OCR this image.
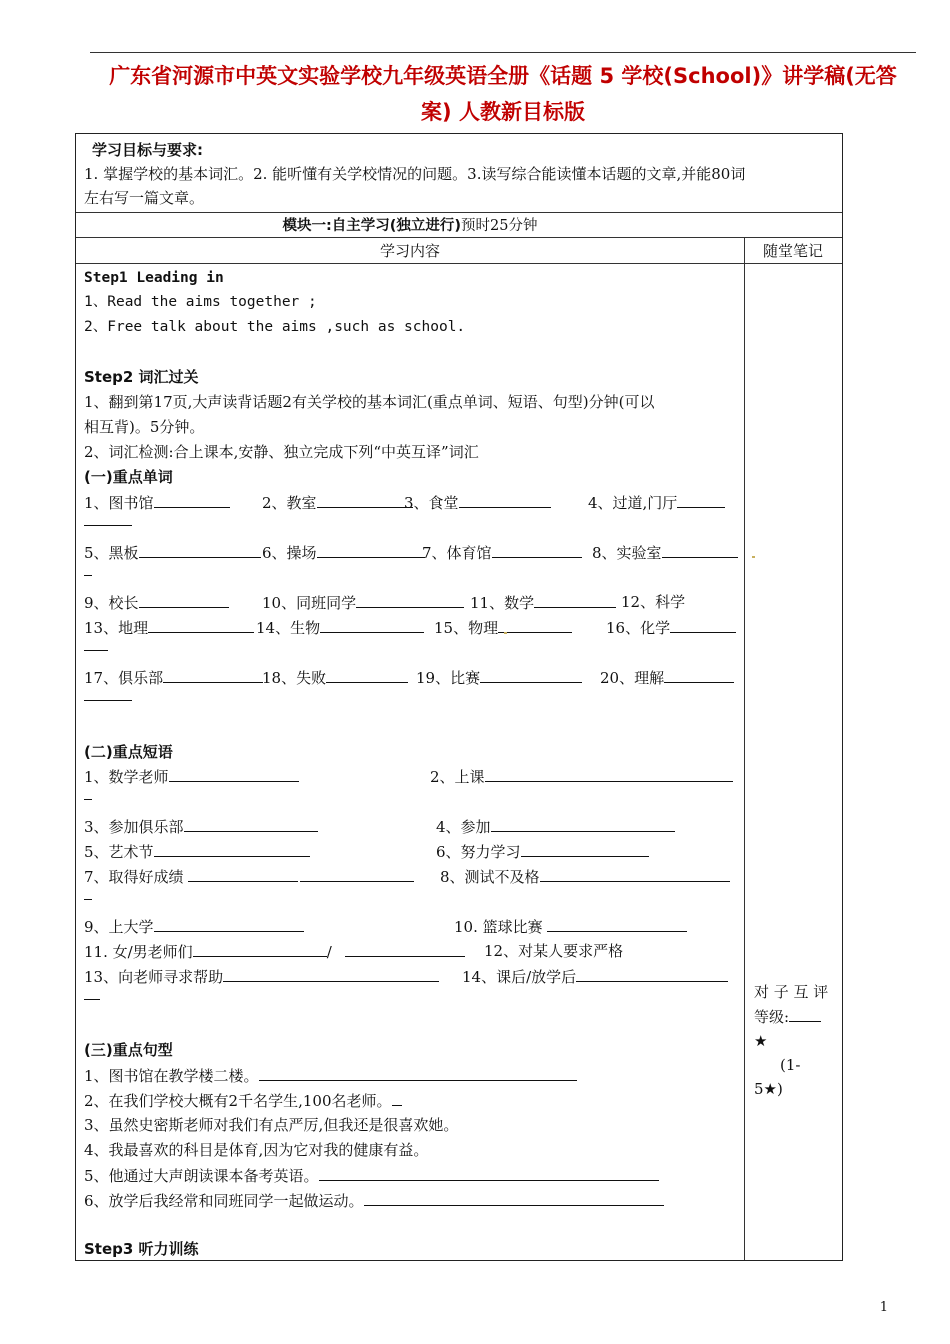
广东省河源市中英文实验学校九年级英语全册《话题 5 学校(School)》讲学稿(无答
案) 人教新目标版
学习目标与要求:
1. 掌握学校的基本词汇。2. 能听懂有关学校情况的问题。3.读写综合能读懂本话题的文章,并能80词
左右写一篇文章。
模块一:自主学习(独立进行)预时25分钟
学习内容	随堂笔记
Step1 Leading in
1、Read the aims together ;
2、Free talk about the aims ,such as school.
Step2 词汇过关
1、翻到第17页,大声读背话题2有关学校的基本词汇(重点单词、短语、句型)分钟(可以
相互背)。5分钟。
2、词汇检测:合上课本,安静、独立完成下列“中英互译”词汇
(一)重点单词
1、图书馆	2、教室	3、食堂	4、过道,门厅
5、黑板	6、操场	7、体育馆	8、实验室
9、校长	10、同班同学	11、数学	12、科学
13、地理	14、生物	15、物理	16、化学
17、俱乐部	18、失败	19、比赛	20、理解
(二)重点短语
1、数学老师	2、上课
3、参加俱乐部	4、参加
5、艺术节	6、努力学习
7、取得好成绩	8、测试不及格
9、上大学	10. 篮球比赛
11. 女/男老师们	/	12、对某人要求严格
13、向老师寻求帮助	14、课后/放学后
(三)重点句型
1、图书馆在教学楼二楼。
2、在我们学校大概有2千名学生,100名老师。
3、虽然史密斯老师对我们有点严厉,但我还是很喜欢她。
4、我最喜欢的科目是体育,因为它对我的健康有益。
5、他通过大声朗读课本备考英语。
6、放学后我经常和同班同学一起做运动。
Step3 听力训练
对 子 互 评
等级:
★
(1-
5★)
1
